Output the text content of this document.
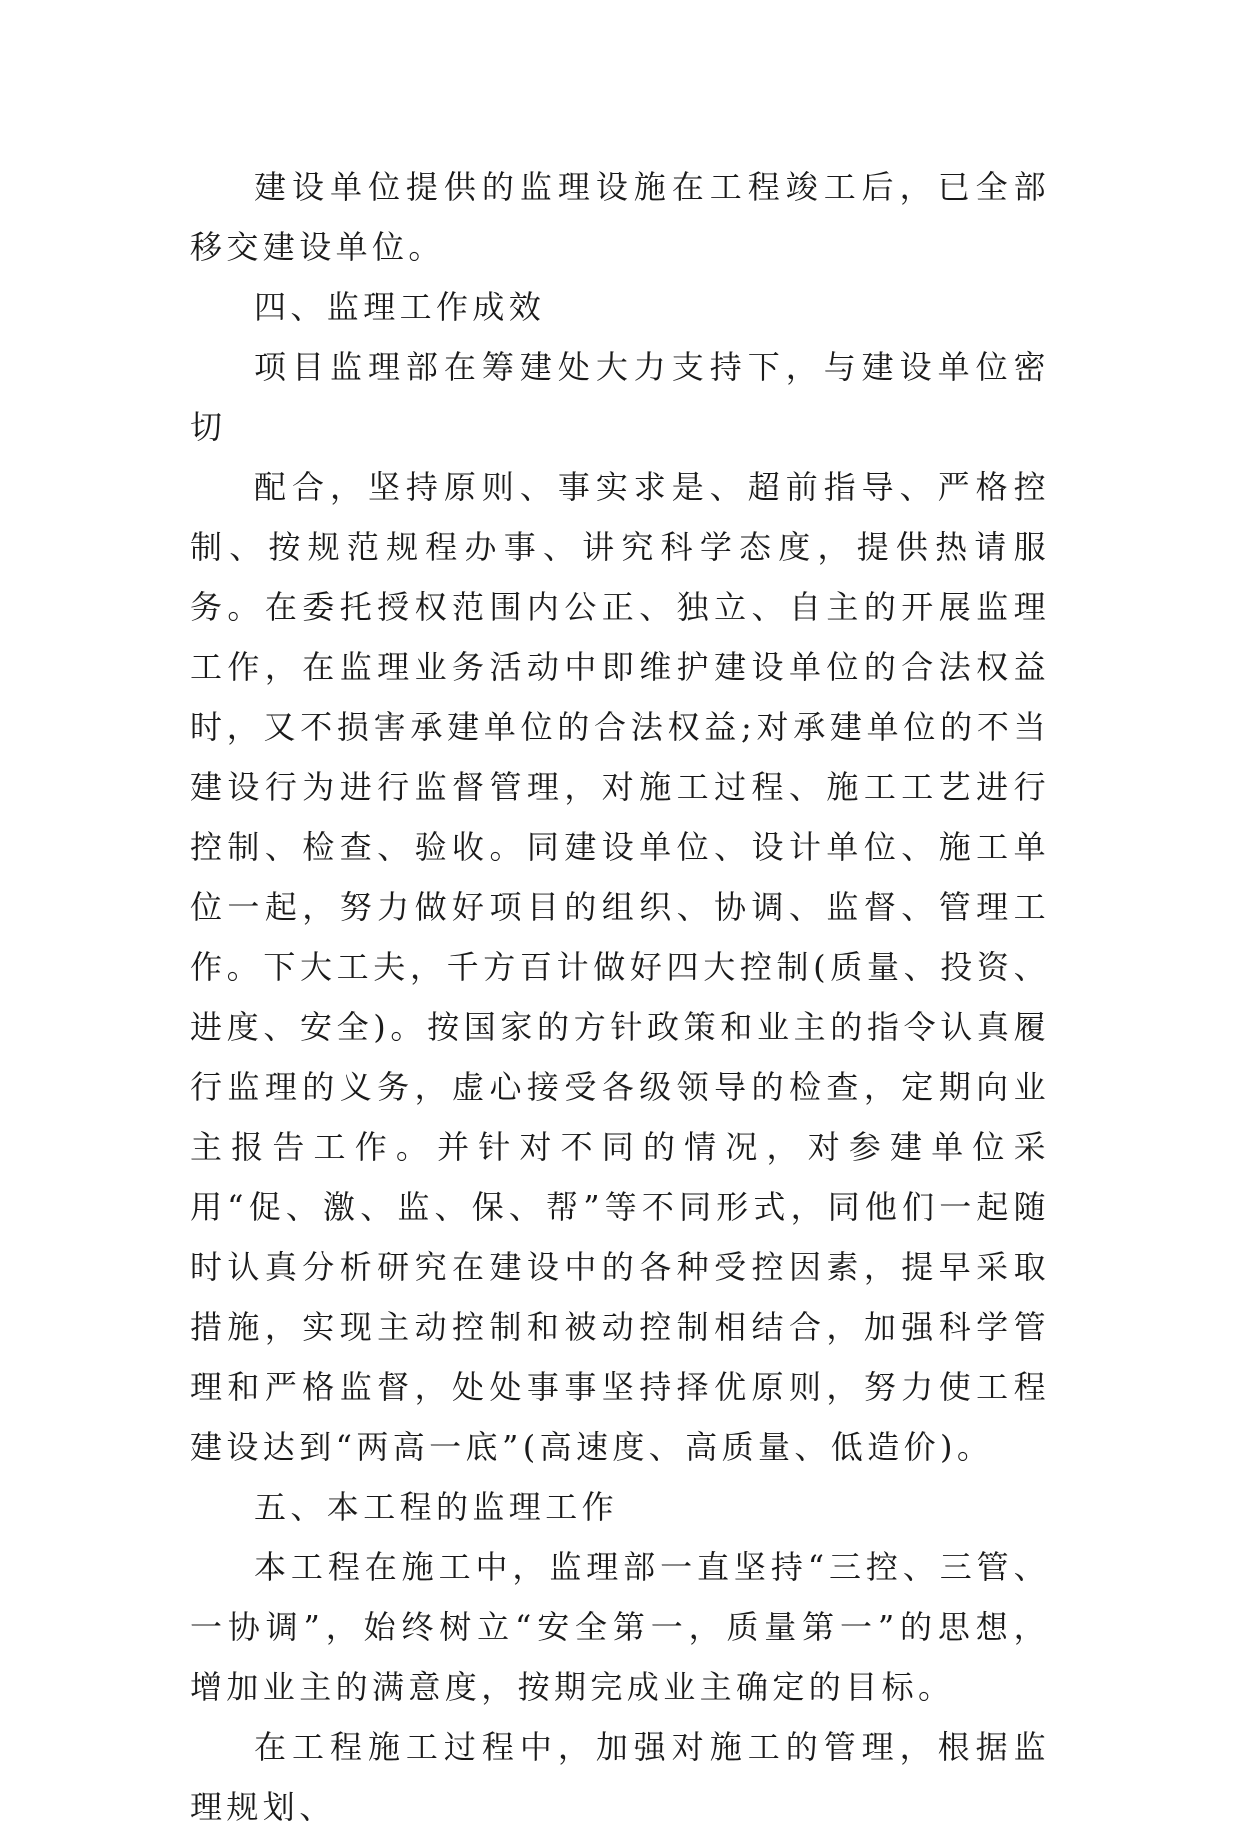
建设单位提供的监理设施在工程竣工后，已全部移交建设单位。

四、监理工作成效

项目监理部在筹建处大力支持下，与建设单位密切

配合，坚持原则、事实求是、超前指导、严格控制、按规范规程办事、讲究科学态度，提供热请服务。在委托授权范围内公正、独立、自主的开展监理工作，在监理业务活动中即维护建设单位的合法权益时，又不损害承建单位的合法权益;对承建单位的不当建设行为进行监督管理，对施工过程、施工工艺进行控制、检查、验收。同建设单位、设计单位、施工单位一起，努力做好项目的组织、协调、监督、管理工作。下大工夫，千方百计做好四大控制(质量、投资、进度、安全)。按国家的方针政策和业主的指令认真履行监理的义务，虚心接受各级领导的检查，定期向业主报告工作。并针对不同的情况，对参建单位采用“促、激、监、保、帮”等不同形式，同他们一起随时认真分析研究在建设中的各种受控因素，提早采取措施，实现主动控制和被动控制相结合，加强科学管理和严格监督，处处事事坚持择优原则，努力使工程建设达到“两高一底”(高速度、高质量、低造价)。

五、本工程的监理工作

本工程在施工中，监理部一直坚持“三控、三管、一协调”，始终树立“安全第一，质量第一”的思想，增加业主的满意度，按期完成业主确定的目标。

在工程施工过程中，加强对施工的管理，根据监理规划、
